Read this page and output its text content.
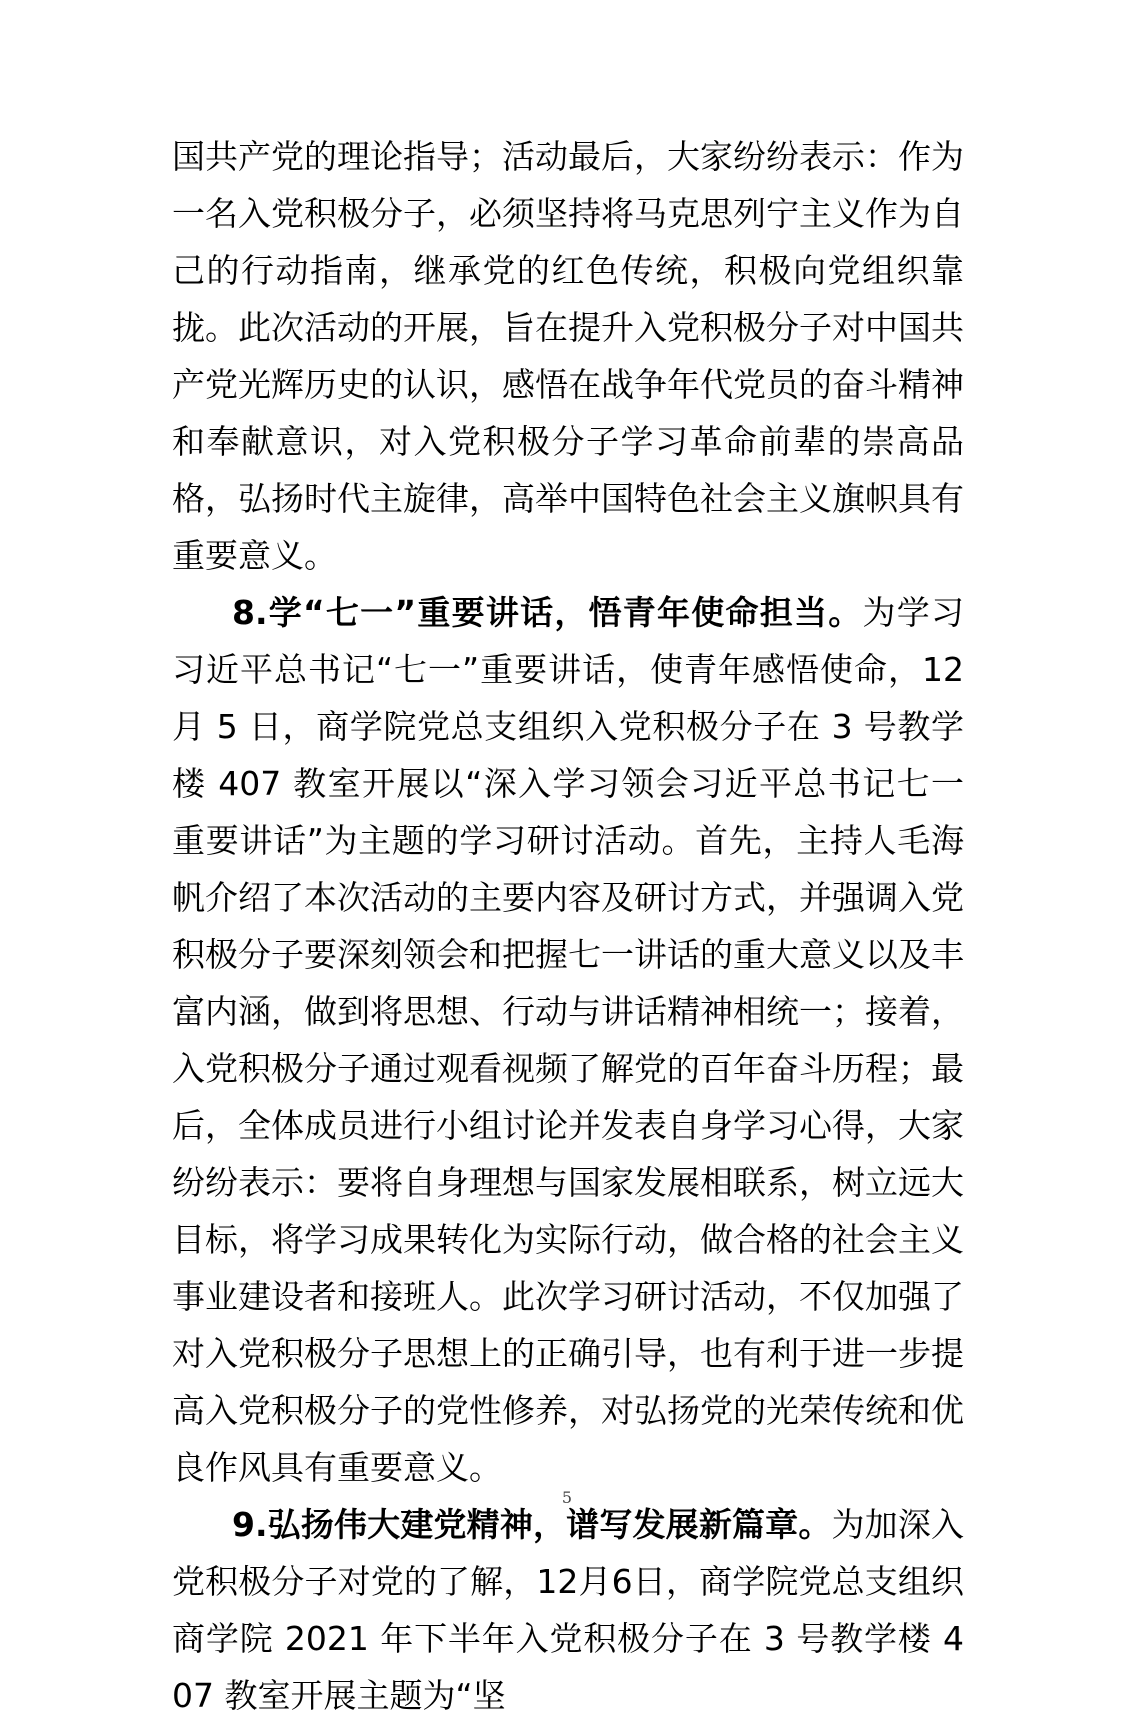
国共产党的理论指导；活动最后，大家纷纷表示：作为一名入党积极分子，必须坚持将马克思列宁主义作为自己的行动指南，继承党的红色传统，积极向党组织靠拢。此次活动的开展，旨在提升入党积极分子对中国共产党光辉历史的认识，感悟在战争年代党员的奋斗精神和奉献意识，对入党积极分子学习革命前辈的崇高品格，弘扬时代主旋律，高举中国特色社会主义旗帜具有重要意义。

8.学“七一”重要讲话，悟青年使命担当。为学习习近平总书记“七一”重要讲话，使青年感悟使命，12 月 5 日，商学院党总支组织入党积极分子在 3 号教学楼 407 教室开展以“深入学习领会习近平总书记七一重要讲话”为主题的学习研讨活动。首先，主持人毛海帆介绍了本次活动的主要内容及研讨方式，并强调入党积极分子要深刻领会和把握七一讲话的重大意义以及丰富内涵，做到将思想、行动与讲话精神相统一；接着，入党积极分子通过观看视频了解党的百年奋斗历程；最后，全体成员进行小组讨论并发表自身学习心得，大家纷纷表示：要将自身理想与国家发展相联系，树立远大目标，将学习成果转化为实际行动，做合格的社会主义事业建设者和接班人。此次学习研讨活动，不仅加强了对入党积极分子思想上的正确引导，也有利于进一步提高入党积极分子的党性修养，对弘扬党的光荣传统和优良作风具有重要意义。

9.弘扬伟大建党精神，谱写发展新篇章。为加深入党积极分子对党的了解，12月6日，商学院党总支组织商学院 2021 年下半年入党积极分子在 3 号教学楼 407 教室开展主题为“坚

5
